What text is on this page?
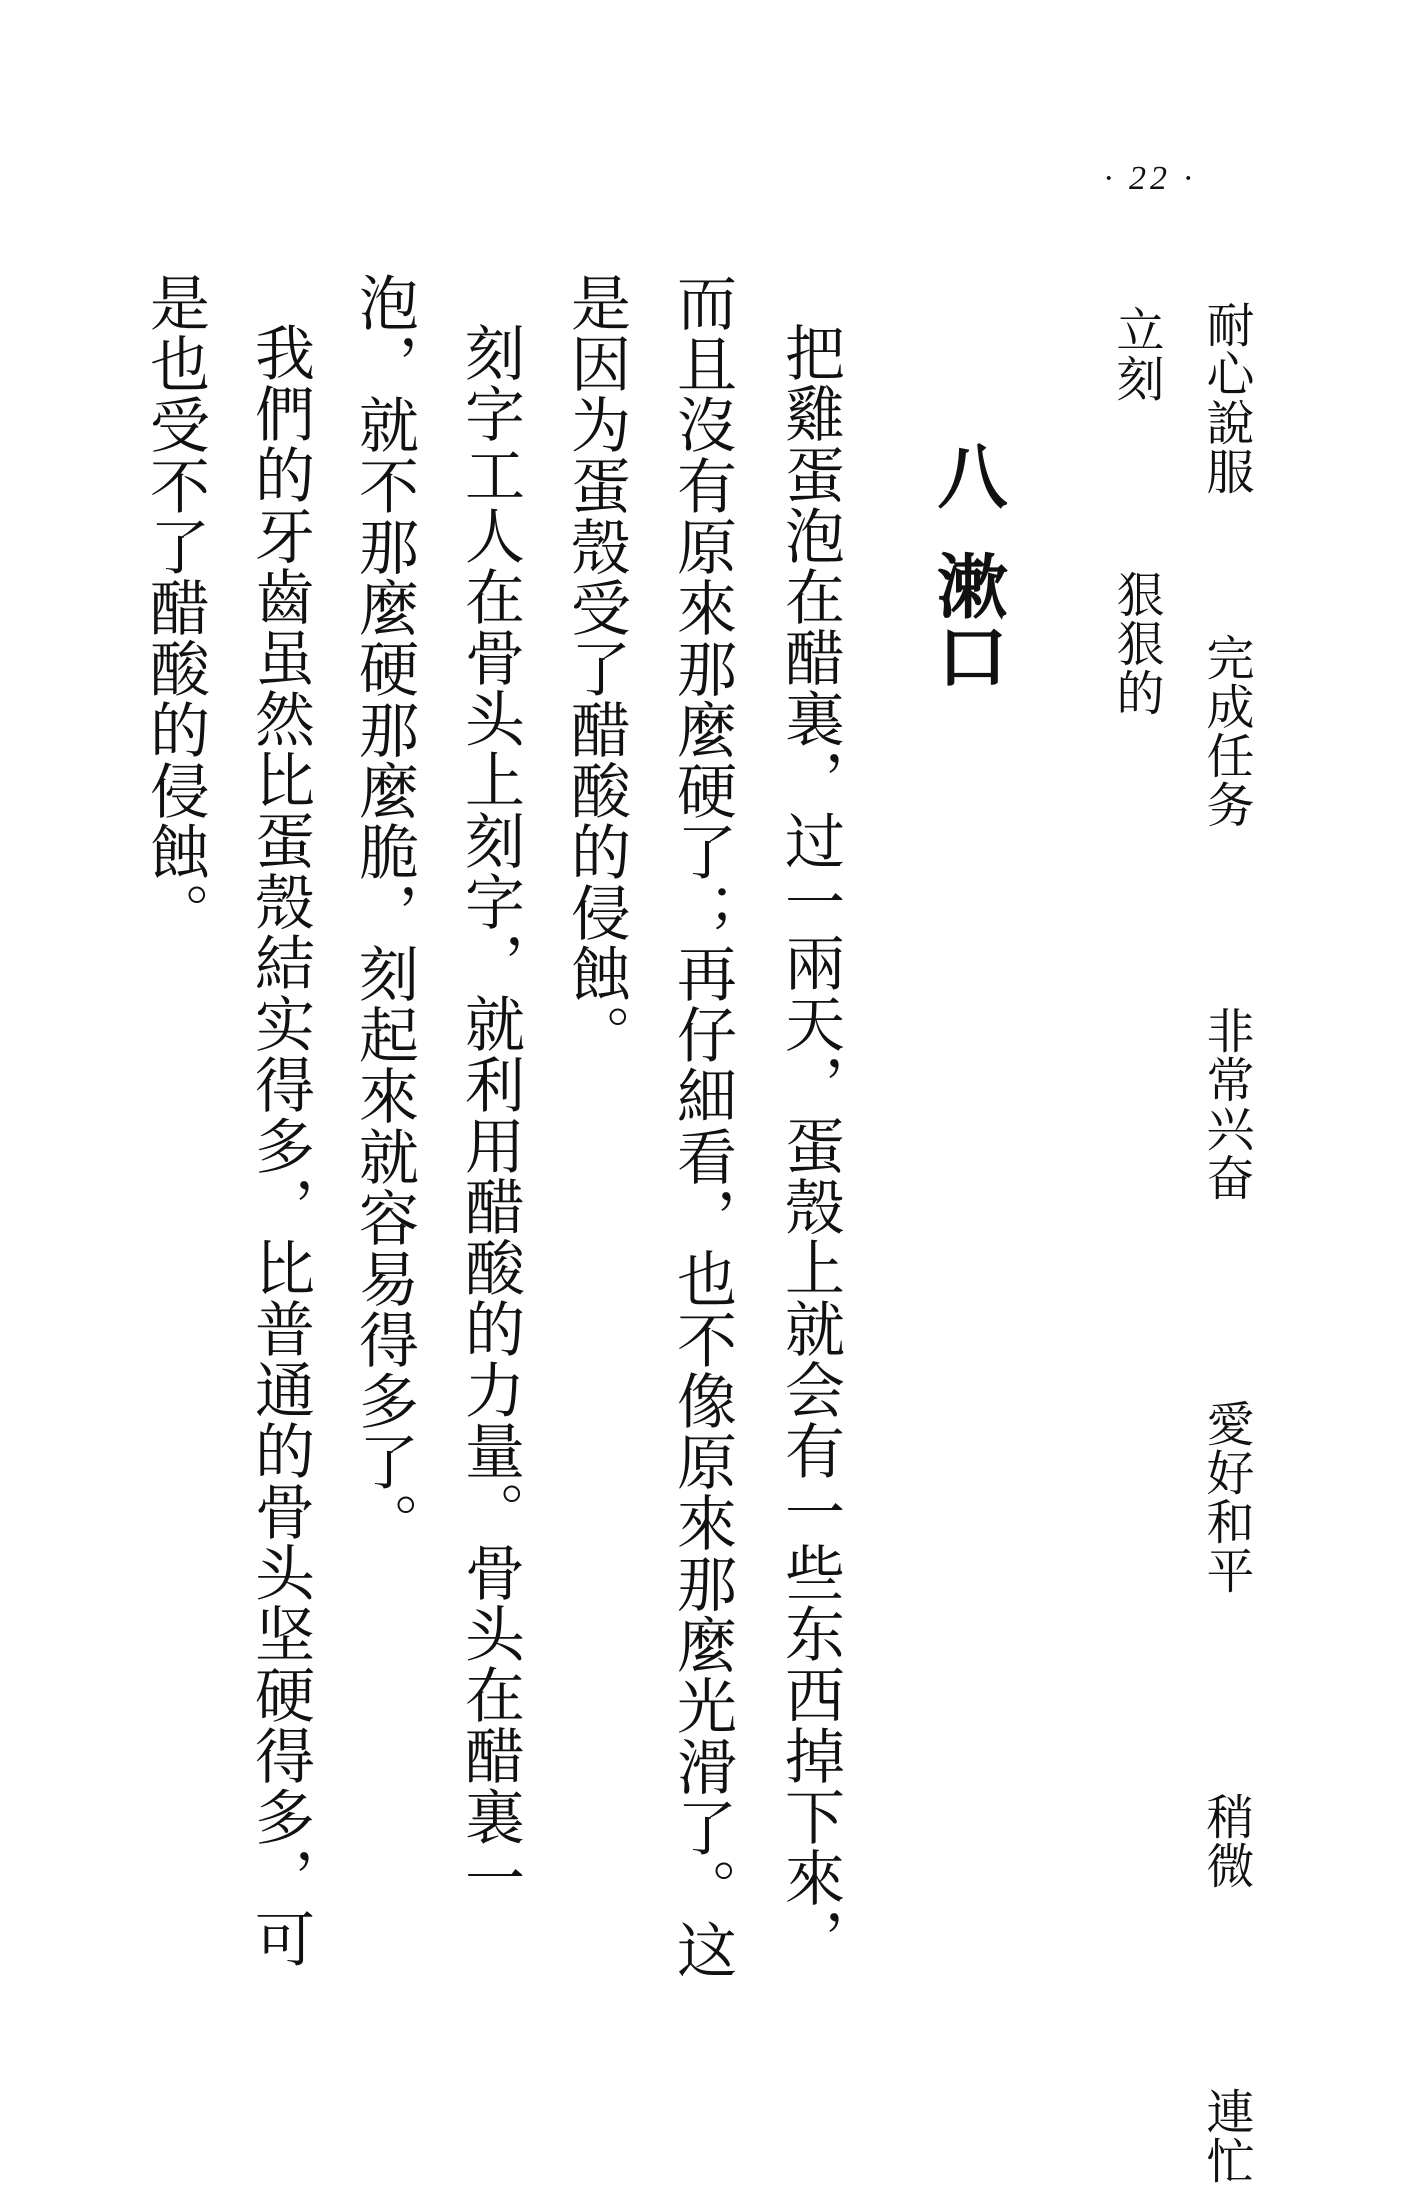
· 22 ·
耐心說服 完成任务 非常兴奋 愛好和平 稍微 連忙
立刻 狠狠的
八漱口
把雞蛋泡在醋裏，过一兩天，蛋殼上就会有一些东西掉下來，
而且沒有原來那麼硬了；再仔細看，也不像原來那麼光滑了。这
是因为蛋殼受了醋酸的侵蝕。
刻字工人在骨头上刻字，就利用醋酸的力量。骨头在醋裏一
泡，就不那麼硬那麼脆，刻起來就容易得多了。
我們的牙齒虽然比蛋殼結实得多，比普通的骨头坚硬得多，可
是也受不了醋酸的侵蝕。
